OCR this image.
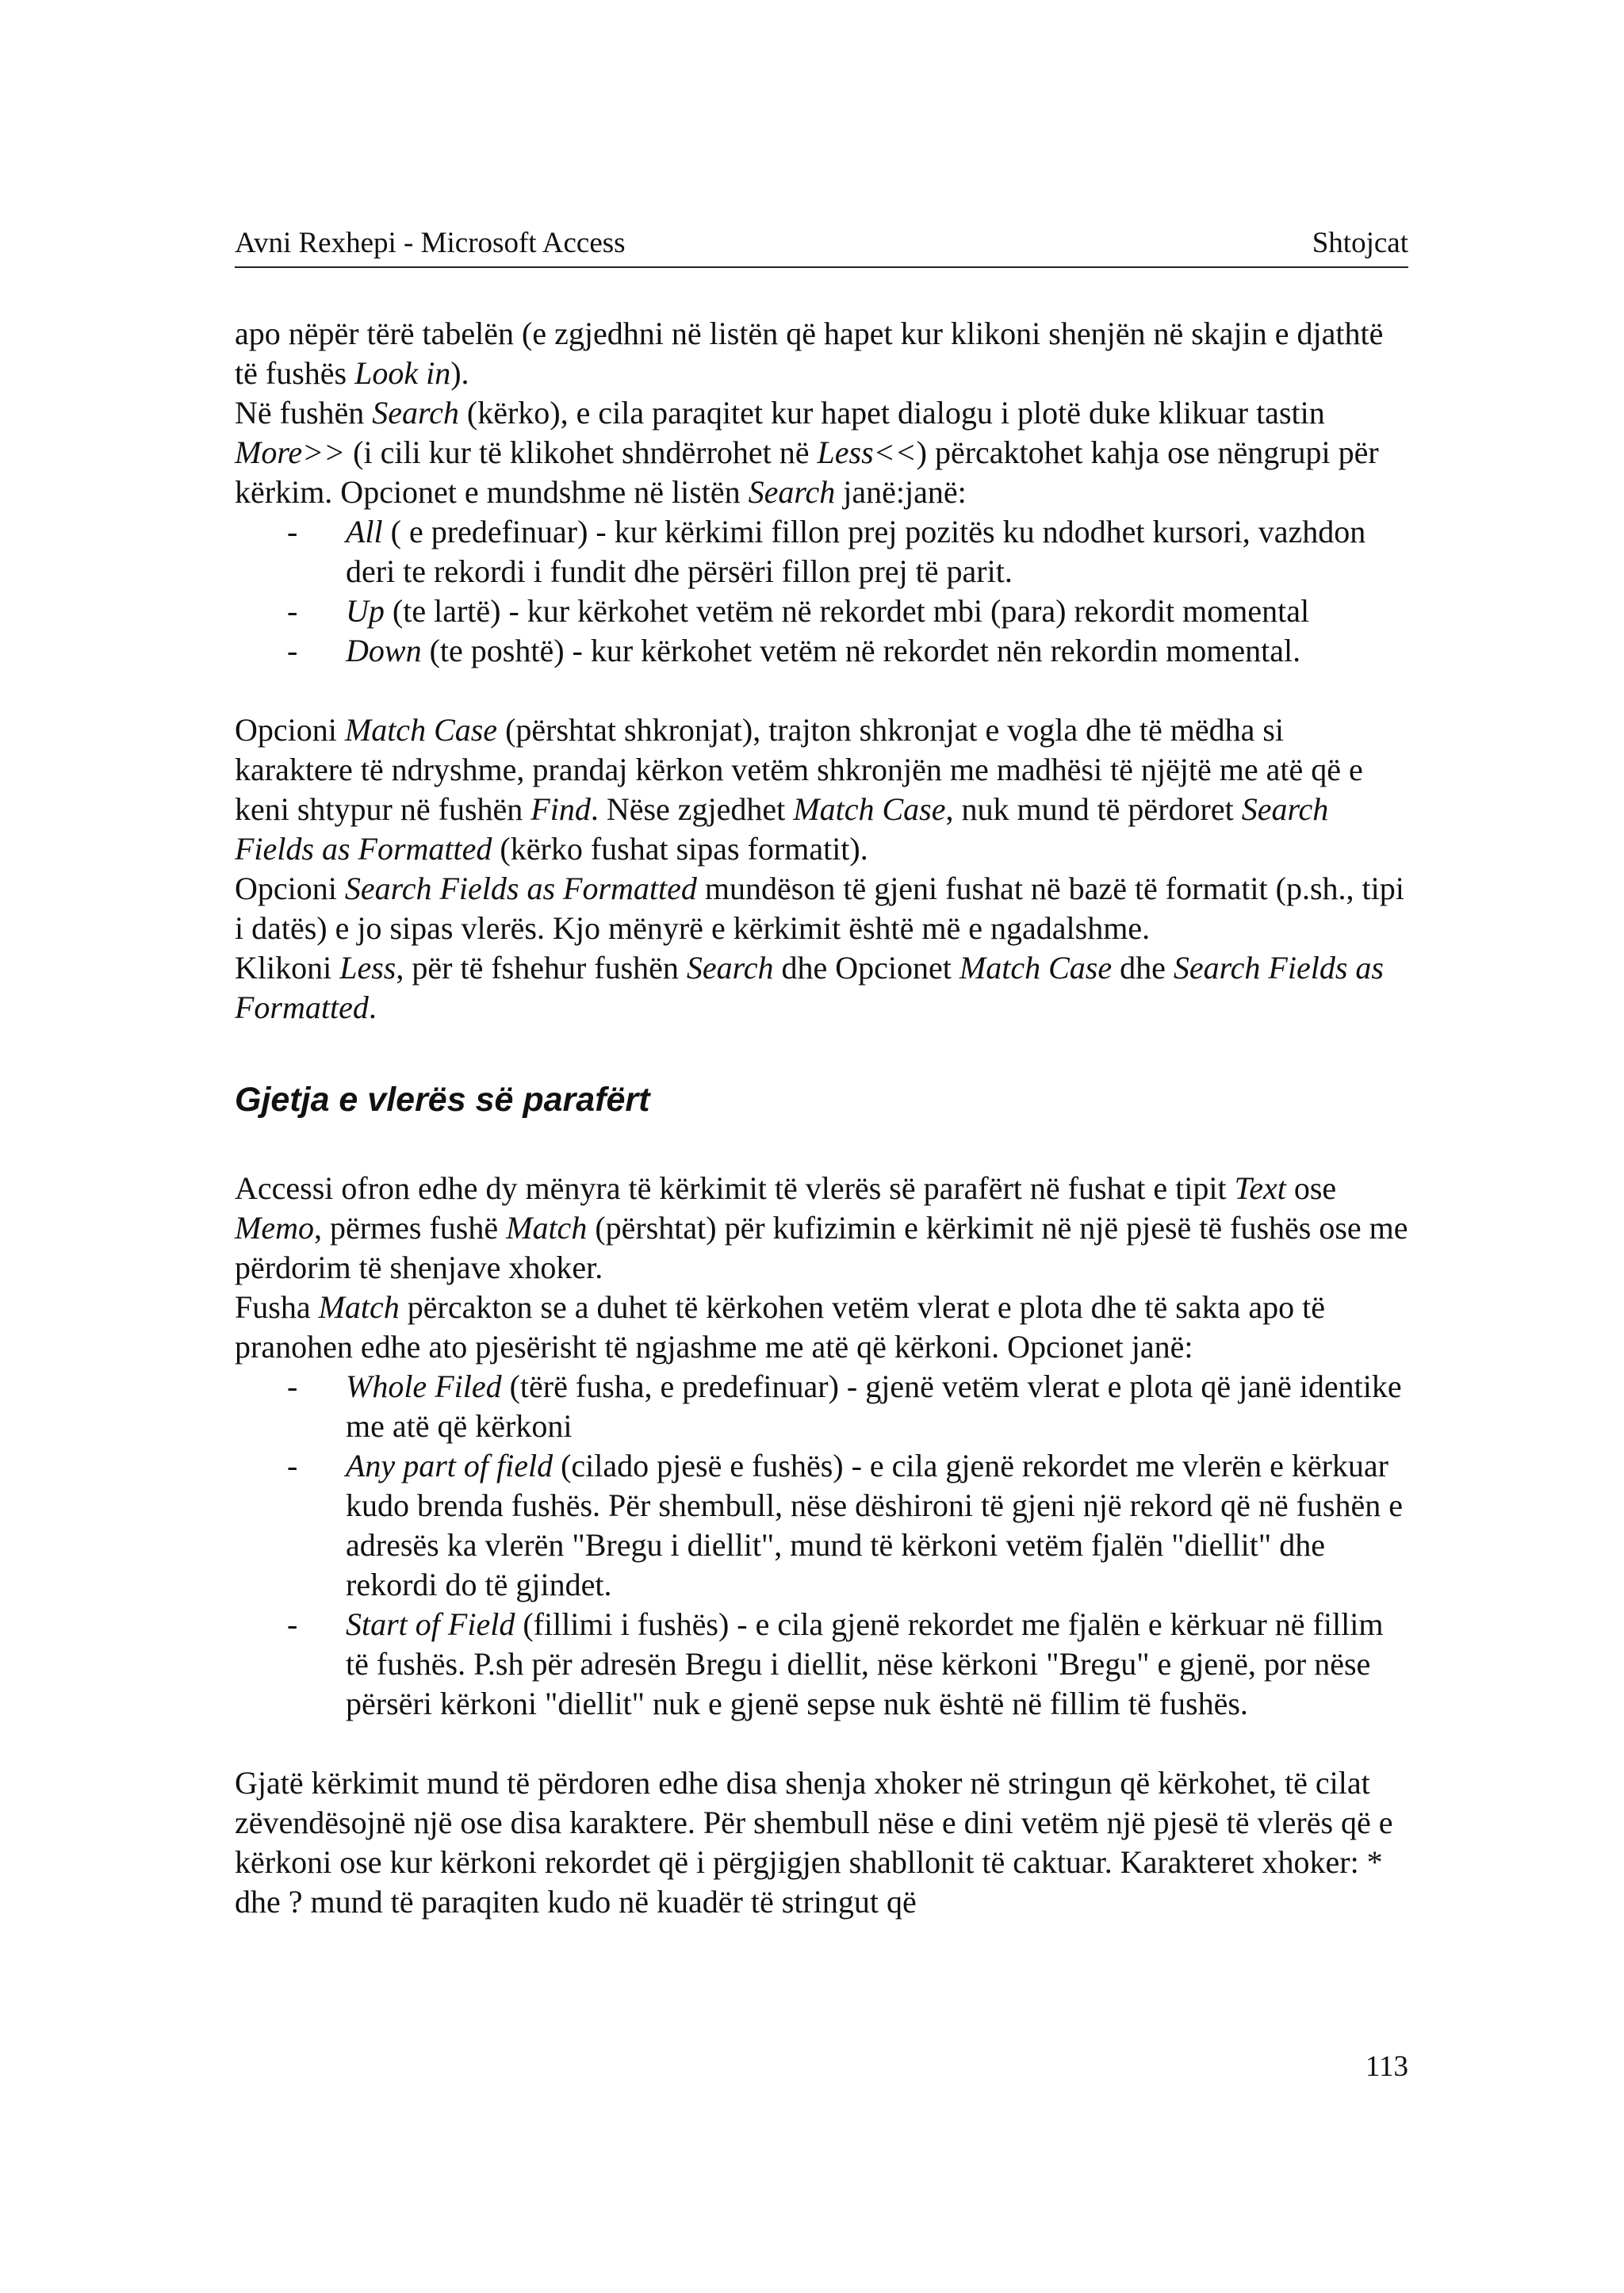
Avni Rexhepi - Microsoft Access	Shtojcat

apo nëpër tërë tabelën (e zgjedhni në listën që hapet kur klikoni shenjën në skajin e djathtë të fushës Look in).

Në fushën Search (kërko), e cila paraqitet kur hapet dialogu i plotë duke klikuar tastin More>> (i cili kur të klikohet shndërrohet në Less<<) përcaktohet kahja ose nëngrupi për kërkim. Opcionet e mundshme në listën Search janë:janë:

- All ( e predefinuar) - kur kërkimi fillon prej pozitës ku ndodhet kursori, vazhdon deri te rekordi i fundit dhe përsëri fillon prej të parit.
- Up (te lartë) - kur kërkohet vetëm në rekordet mbi (para) rekordit momental
- Down (te poshtë) - kur kërkohet vetëm në rekordet nën rekordin momental.

Opcioni Match Case (përshtat shkronjat), trajton shkronjat e vogla dhe të mëdha si karaktere të ndryshme, prandaj kërkon vetëm shkronjën me madhësi të njëjtë me atë që e keni shtypur në fushën Find. Nëse zgjedhet Match Case, nuk mund të përdoret Search Fields as Formatted (kërko fushat sipas formatit).

Opcioni Search Fields as Formatted mundëson të gjeni fushat në bazë të formatit (p.sh., tipi i datës) e jo sipas vlerës. Kjo mënyrë e kërkimit është më e ngadalshme.

Klikoni Less, për të fshehur fushën Search dhe Opcionet Match Case dhe Search Fields as Formatted.

Gjetja e vlerës së parafërt

Accessi ofron edhe dy mënyra të kërkimit të vlerës së parafërt në fushat e tipit Text ose Memo, përmes fushë Match (përshtat) për kufizimin e kërkimit në një pjesë të fushës ose me përdorim të shenjave xhoker.

Fusha Match përcakton se a duhet të kërkohen vetëm vlerat e plota dhe të sakta apo të pranohen edhe ato pjesërisht të ngjashme me atë që kërkoni. Opcionet janë:

- Whole Filed (tërë fusha, e predefinuar) - gjenë vetëm vlerat e plota që janë identike me atë që kërkoni
- Any part of field (cilado pjesë e fushës) - e cila gjenë rekordet me vlerën e kërkuar kudo brenda fushës. Për shembull, nëse dëshironi të gjeni një rekord që në fushën e adresës ka vlerën "Bregu i diellit", mund të kërkoni vetëm fjalën "diellit" dhe rekordi do të gjindet.
- Start of Field (fillimi i fushës) - e cila gjenë rekordet me fjalën e kërkuar në fillim të fushës. P.sh për adresën Bregu i diellit, nëse kërkoni "Bregu" e gjenë, por nëse përsëri kërkoni "diellit" nuk e gjenë sepse nuk është në fillim të fushës.

Gjatë kërkimit mund të përdoren edhe disa shenja xhoker në stringun që kërkohet, të cilat zëvendësojnë një ose disa karaktere. Për shembull nëse e dini vetëm një pjesë të vlerës që e kërkoni ose kur kërkoni rekordet që i përgjigjen shabllonit të caktuar. Karakteret xhoker: * dhe ? mund të paraqiten kudo në kuadër të stringut që

113
